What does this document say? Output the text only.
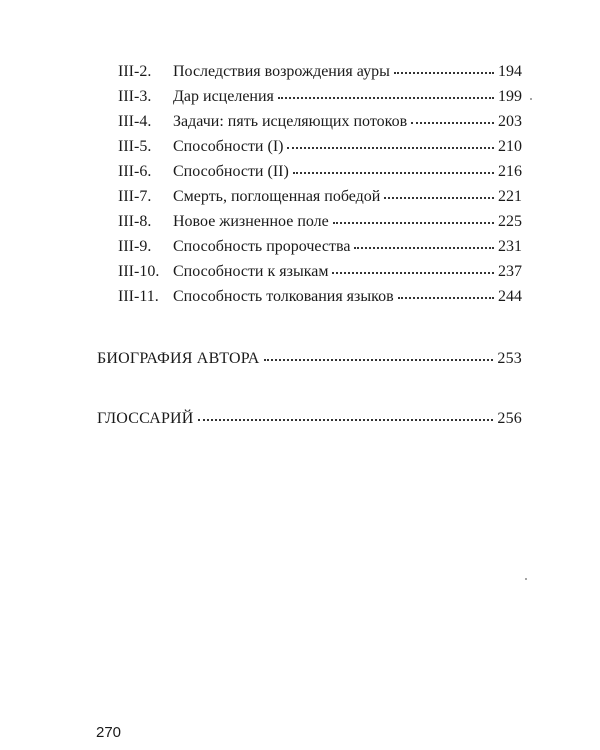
III-2.	Последствия возрождения ауры	194
III-3.	Дар исцеления	199
III-4.	Задачи: пять исцеляющих потоков	203
III-5.	Способности (I)	210
III-6.	Способности (II)	216
III-7.	Смерть, поглощенная победой	221
III-8.	Новое жизненное поле	225
III-9.	Способность пророчества	231
III-10. Способности к языкам	237
III-11. Способность толкования языков	244
БИОГРАФИЯ АВТОРА	253
ГЛОССАРИЙ	256
270
